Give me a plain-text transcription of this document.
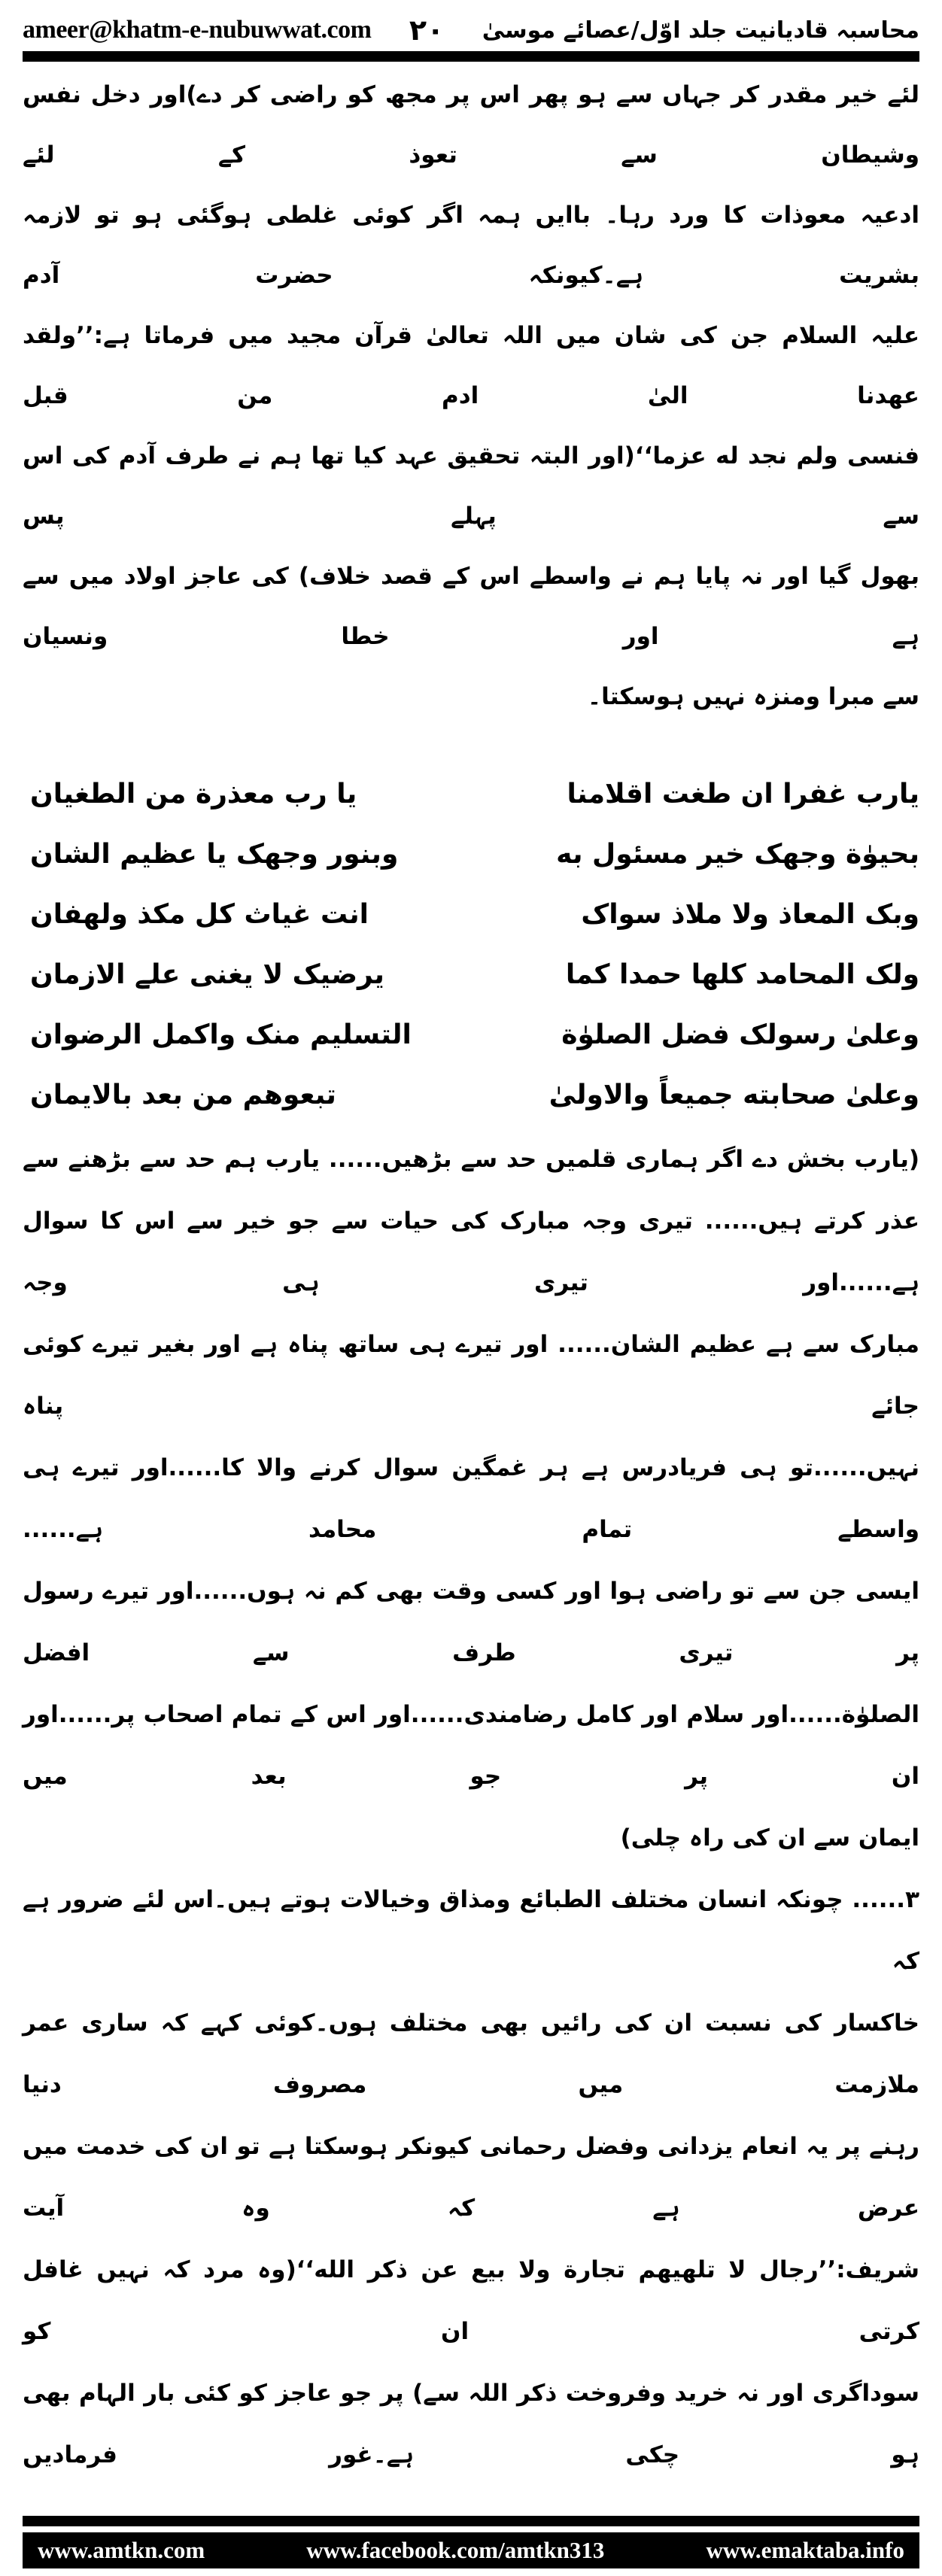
ameer@khatm-e-nubuwwat.com ۲۰ محاسبہ قادیانیت جلد اوّل/عصائے موسیٰ
لئے خیر مقدر کر جہاں سے ہو پھر اس پر مجھ کو راضی کر دے)اور دخل نفس وشیطان سے تعوذ کے لئے
ادعیہ معوذات کا ورد رہا۔ باایں ہمہ اگر کوئی غلطی ہوگئی ہو تو لازمہ بشریت ہے۔کیونکہ حضرت آدم
علیہ السلام جن کی شان میں اللہ تعالیٰ قرآن مجید میں فرماتا ہے:’’ولقد عهدنا الیٰ ادم من قبل
فنسی ولم نجد له عزما‘‘(اور البتہ تحقیق عہد کیا تھا ہم نے طرف آدم کی اس سے پہلے پس
بھول گیا اور نہ پایا ہم نے واسطے اس کے قصد خلاف) کی عاجز اولاد میں سے ہے اور خطا ونسیان
سے مبرا ومنزہ نہیں ہوسکتا۔
یارب غفرا ان طغت اقلامنا
یا رب معذرة من الطغیان
بحیوٰة وجهک خیر مسئول به
وبنور وجهک یا عظیم الشان
وبک المعاذ ولا ملاذ سواک
انت غیاث کل مکذ ولهفان
ولک المحامد کلها حمدا کما
یرضیک لا یغنی علے الازمان
وعلیٰ رسولک فضل الصلوٰة
التسلیم منک واکمل الرضوان
وعلیٰ صحابته جمیعاً والاولیٰ
تبعوهم من بعد بالایمان
(یارب بخش دے اگر ہماری قلمیں حد سے بڑھیں...... یارب ہم حد سے بڑھنے سے
عذر کرتے ہیں...... تیری وجہ مبارک کی حیات سے جو خیر سے اس کا سوال ہے......اور تیری ہی وجہ
مبارک سے ہے عظیم الشان...... اور تیرے ہی ساتھ پناہ ہے اور بغیر تیرے کوئی جائے پناہ
نہیں......تو ہی فریادرس ہے ہر غمگین سوال کرنے والا کا......اور تیرے ہی واسطے تمام محامد ہے......
ایسی جن سے تو راضی ہوا اور کسی وقت بھی کم نہ ہوں......اور تیرے رسول پر تیری طرف سے افضل
الصلوٰة......اور سلام اور کامل رضامندی......اور اس کے تمام اصحاب پر......اور ان پر جو بعد میں
ایمان سے ان کی راہ چلی)
۳...... چونکہ انسان مختلف الطبائع ومذاق وخیالات ہوتے ہیں۔اس لئے ضرور ہے کہ
خاکسار کی نسبت ان کی رائیں بھی مختلف ہوں۔کوئی کہے کہ ساری عمر ملازمت میں مصروف دنیا
رہنے پر یہ انعام یزدانی وفضل رحمانی کیونکر ہوسکتا ہے تو ان کی خدمت میں عرض ہے کہ وہ آیت
شریف:’’رجال لا تلهیهم تجارة ولا بیع عن ذکر الله‘‘(وہ مرد کہ نہیں غافل کرتی ان کو
سوداگری اور نہ خرید وفروخت ذکر اللہ سے) پر جو عاجز کو کئی بار الہام بھی ہو چکی ہے۔غور فرمادیں
www.amtkn.com	www.facebook.com/amtkn313	www.emaktaba.info
